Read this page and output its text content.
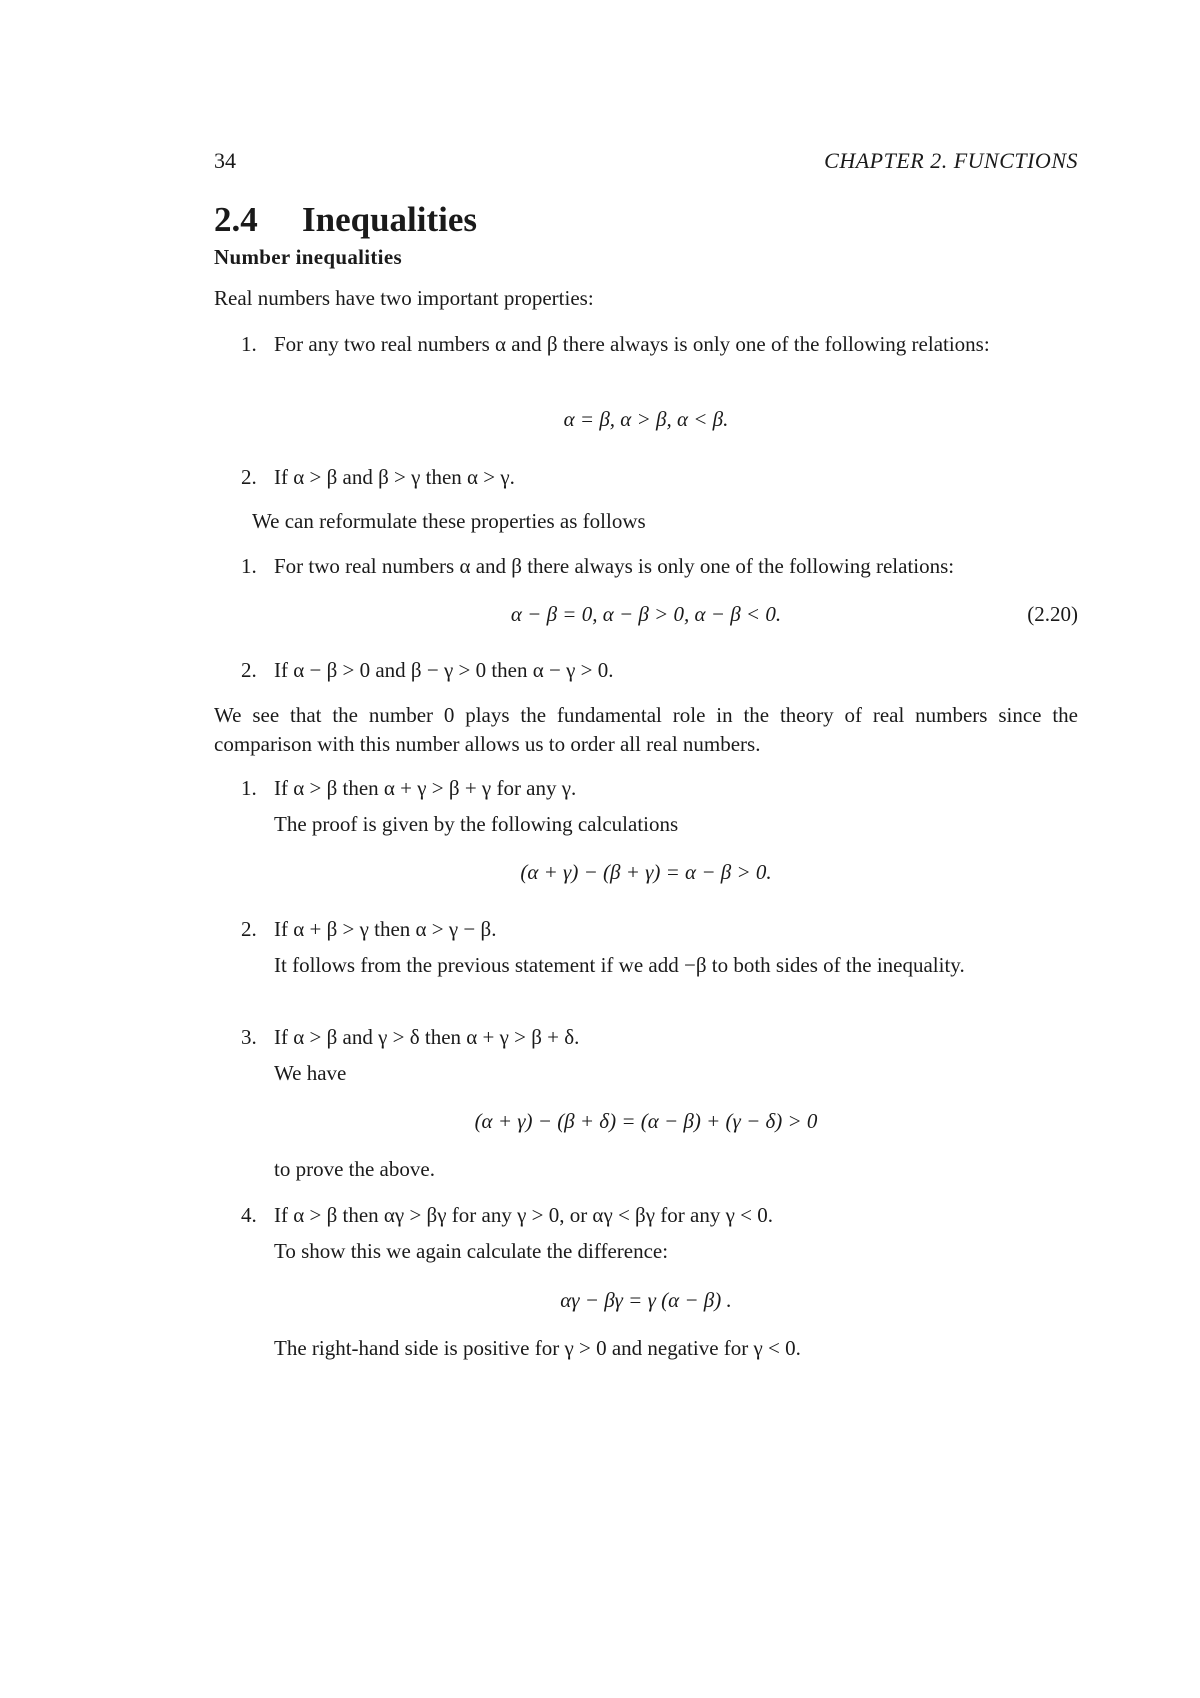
34	CHAPTER 2. FUNCTIONS
2.4 Inequalities
Number inequalities
Real numbers have two important properties:
1. For any two real numbers α and β there always is only one of the following relations:
α = β, α > β, α < β.
2. If α > β and β > γ then α > γ.
We can reformulate these properties as follows
1. For two real numbers α and β there always is only one of the following relations:
α − β = 0, α − β > 0, α − β < 0.	(2.20)
2. If α − β > 0 and β − γ > 0 then α − γ > 0.
We see that the number 0 plays the fundamental role in the theory of real numbers since the comparison with this number allows us to order all real numbers.
1. If α > β then α + γ > β + γ for any γ.
The proof is given by the following calculations
(α + γ) − (β + γ) = α − β > 0.
2. If α + β > γ then α > γ − β.
It follows from the previous statement if we add −β to both sides of the inequality.
3. If α > β and γ > δ then α + γ > β + δ.
We have
(α + γ) − (β + δ) = (α − β) + (γ − δ) > 0
to prove the above.
4. If α > β then αγ > βγ for any γ > 0, or αγ < βγ for any γ < 0.
To show this we again calculate the difference:
αγ − βγ = γ (α − β) .
The right-hand side is positive for γ > 0 and negative for γ < 0.
